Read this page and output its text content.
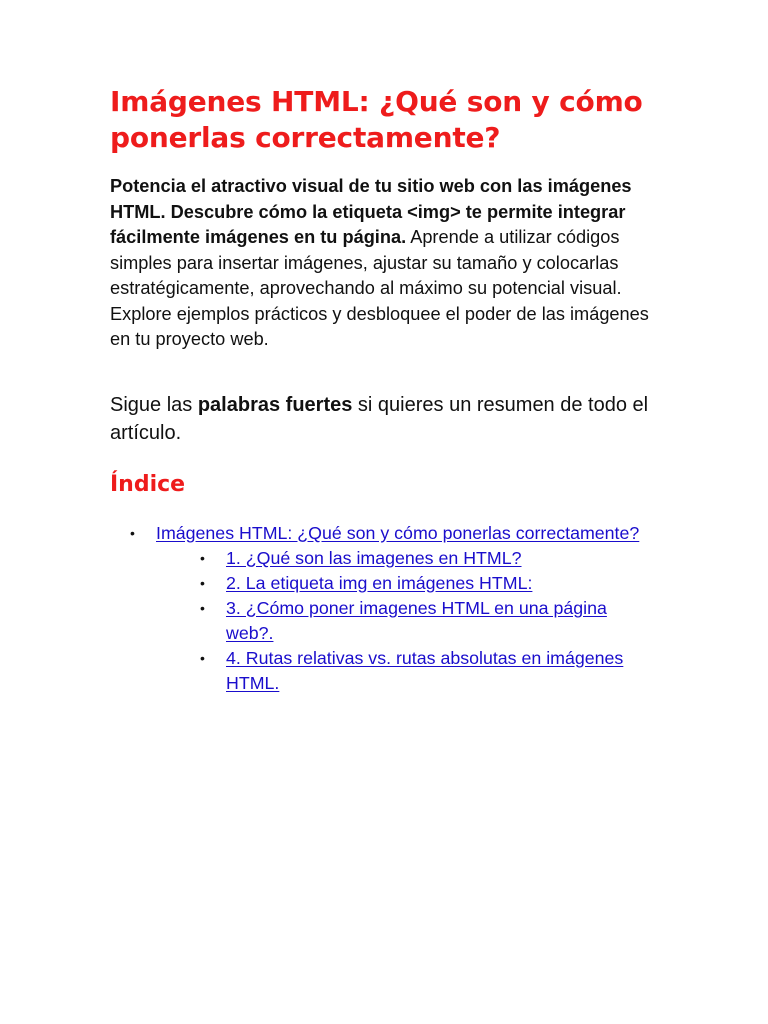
Imágenes HTML: ¿Qué son y cómo ponerlas correctamente?

Potencia el atractivo visual de tu sitio web con las imágenes HTML. Descubre cómo la etiqueta <img> te permite integrar fácilmente imágenes en tu página. Aprende a utilizar códigos simples para insertar imágenes, ajustar su tamaño y colocarlas estratégicamente, aprovechando al máximo su potencial visual. Explore ejemplos prácticos y desbloquee el poder de las imágenes en tu proyecto web.

Sigue las palabras fuertes si quieres un resumen de todo el artículo.

Índice
• Imágenes HTML: ¿Qué son y cómo ponerlas correctamente?
• 1. ¿Qué son las imagenes en HTML?
• 2. La etiqueta img en imágenes HTML:
• 3. ¿Cómo poner imagenes HTML en una página web?.
• 4. Rutas relativas vs. rutas absolutas en imágenes HTML.
